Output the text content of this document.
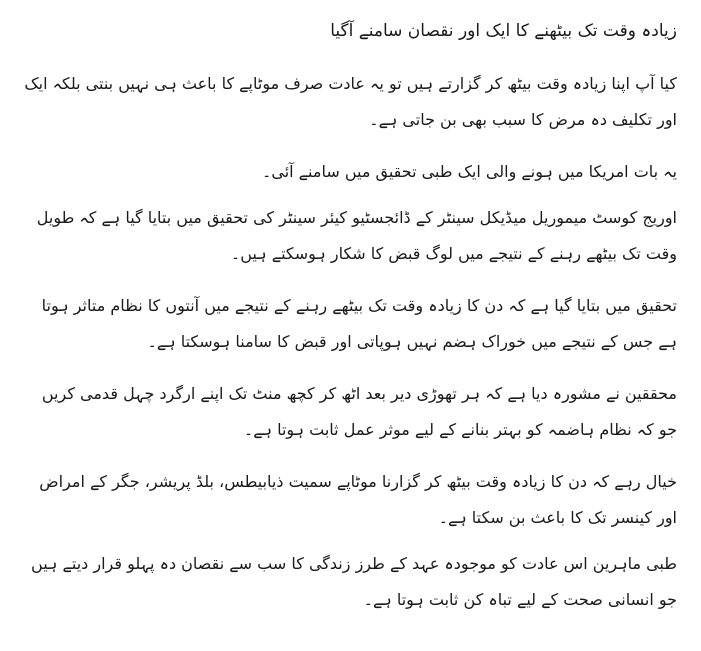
زیادہ وقت تک بیٹھنے کا ایک اور نقصان سامنے آگیا

کیا آپ اپنا زیادہ وقت بیٹھ کر گزارتے ہیں تو یہ عادت صرف موٹاپے کا باعث ہی نہیں بنتی بلکہ ایک اور تکلیف دہ مرض کا سبب بھی بن جاتی ہے۔

یہ بات امریکا میں ہونے والی ایک طبی تحقیق میں سامنے آئی۔

اوریج کوسٹ میموریل میڈیکل سینٹر کے ڈائجسٹیو کیئر سینٹر کی تحقیق میں بتایا گیا ہے کہ طویل وقت تک بیٹھے رہنے کے نتیجے میں لوگ قبض کا شکار ہوسکتے ہیں۔

تحقیق میں بتایا گیا ہے کہ دن کا زیادہ وقت تک بیٹھے رہنے کے نتیجے میں آنتوں کا نظام متاثر ہوتا ہے جس کے نتیجے میں خوراک ہضم نہیں ہوپاتی اور قبض کا سامنا ہوسکتا ہے۔

محققین نے مشورہ دیا ہے کہ ہر تھوڑی دیر بعد اٹھ کر کچھ منٹ تک اپنے ارگرد چہل قدمی کریں جو کہ نظام ہاضمہ کو بہتر بنانے کے لیے موثر عمل ثابت ہوتا ہے۔

خیال رہے کہ دن کا زیادہ وقت بیٹھ کر گزارنا موٹاپے سمیت ذیابیطس، بلڈ پریشر، جگر کے امراض اور کینسر تک کا باعث بن سکتا ہے۔

طبی ماہرین اس عادت کو موجودہ عہد کے طرز زندگی کا سب سے نقصان دہ پہلو قرار دیتے ہیں جو انسانی صحت کے لیے تباہ کن ثابت ہوتا ہے۔
